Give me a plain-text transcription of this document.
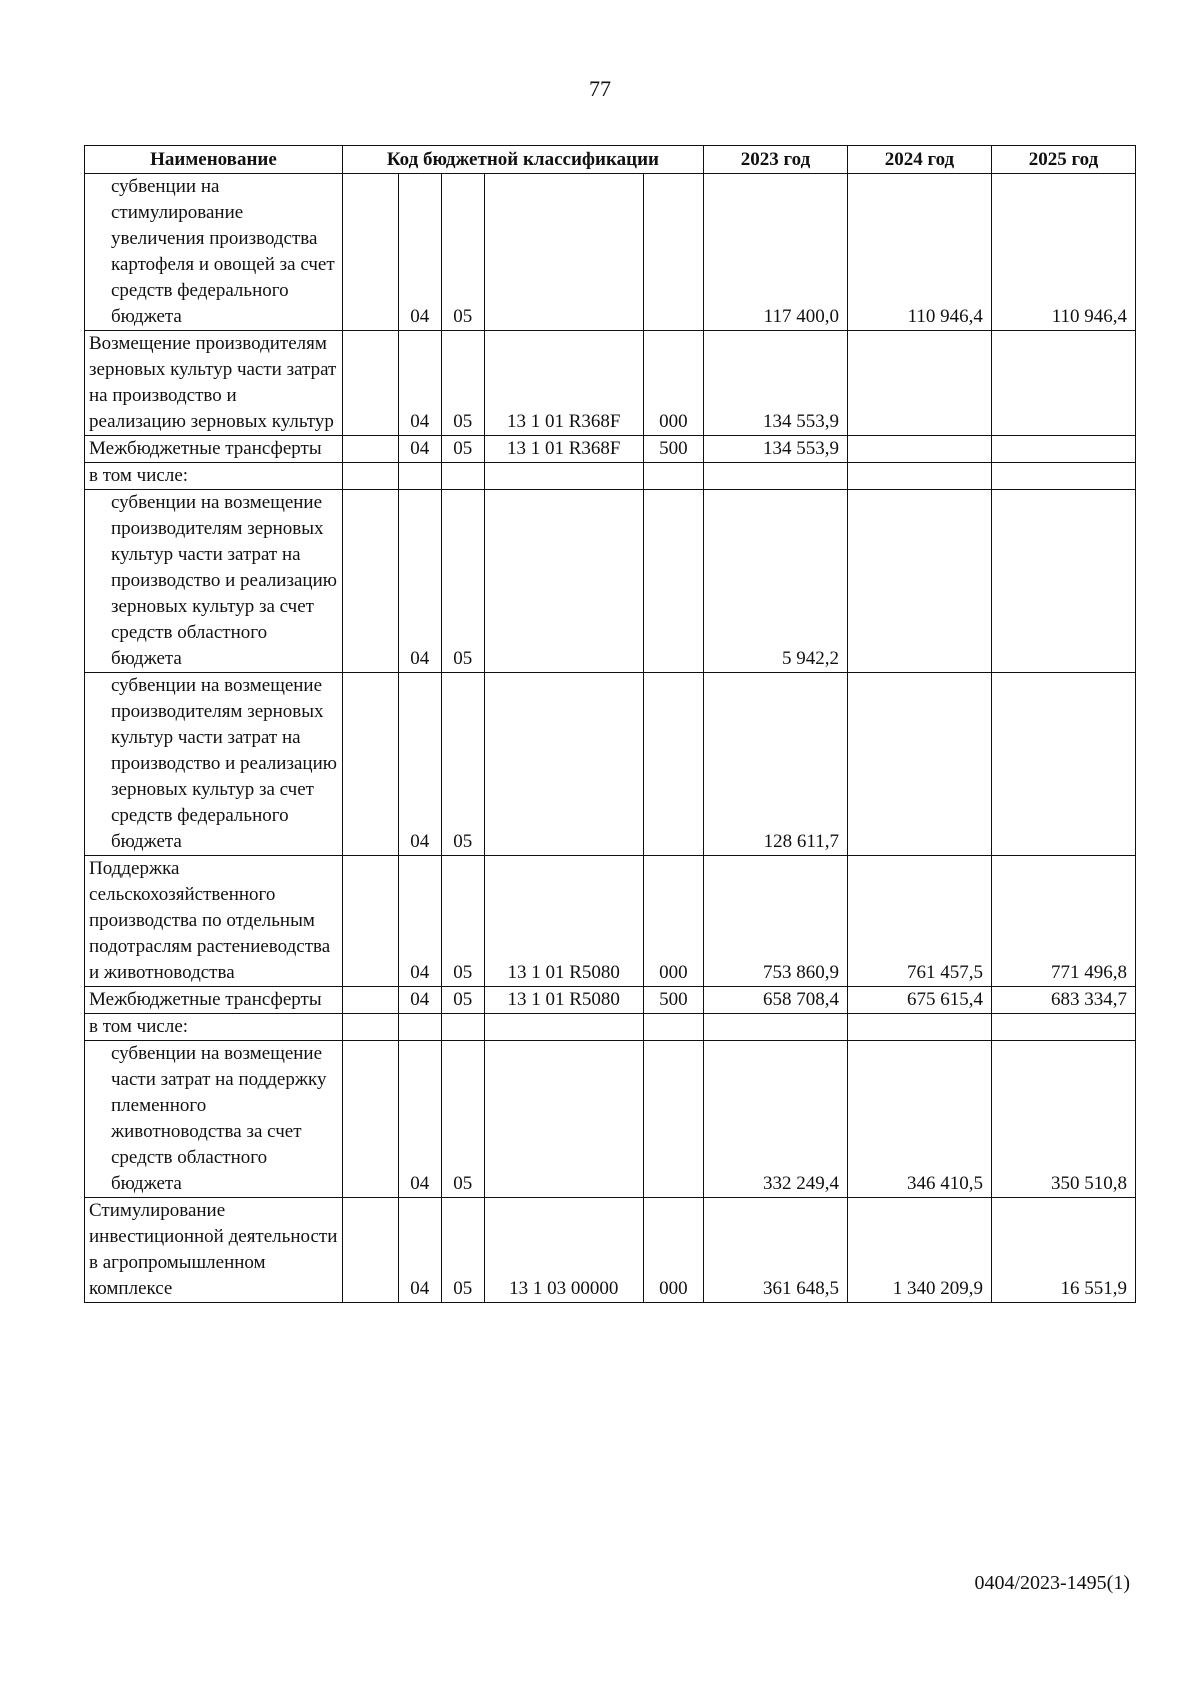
77
Наименование	Код бюджетной классификации					2023 год	2024 год	2025 год
субвенции на стимулирование увеличения производства картофеля и овощей за счет средств федерального бюджета		04	05			117 400,0	110 946,4	110 946,4
Возмещение производителям зерновых культур части затрат на производство и реализацию зерновых культур		04	05	13 1 01 R368F	000	134 553,9		
Межбюджетные трансферты		04	05	13 1 01 R368F	500	134 553,9		
в том числе:								
субвенции на возмещение производителям зерновых культур части затрат на производство и реализацию зерновых культур за счет средств областного бюджета		04	05			5 942,2		
субвенции на возмещение производителям зерновых культур части затрат на производство и реализацию зерновых культур за счет средств федерального бюджета		04	05			128 611,7		
Поддержка сельскохозяйственного производства по отдельным подотраслям растениеводства и животноводства		04	05	13 1 01 R5080	000	753 860,9	761 457,5	771 496,8
Межбюджетные трансферты		04	05	13 1 01 R5080	500	658 708,4	675 615,4	683 334,7
в том числе:								
субвенции на возмещение части затрат на поддержку племенного животноводства за счет средств областного бюджета		04	05			332 249,4	346 410,5	350 510,8
Стимулирование инвестиционной деятельности в агропромышленном комплексе		04	05	13 1 03 00000	000	361 648,5	1 340 209,9	16 551,9
0404/2023-1495(1)
